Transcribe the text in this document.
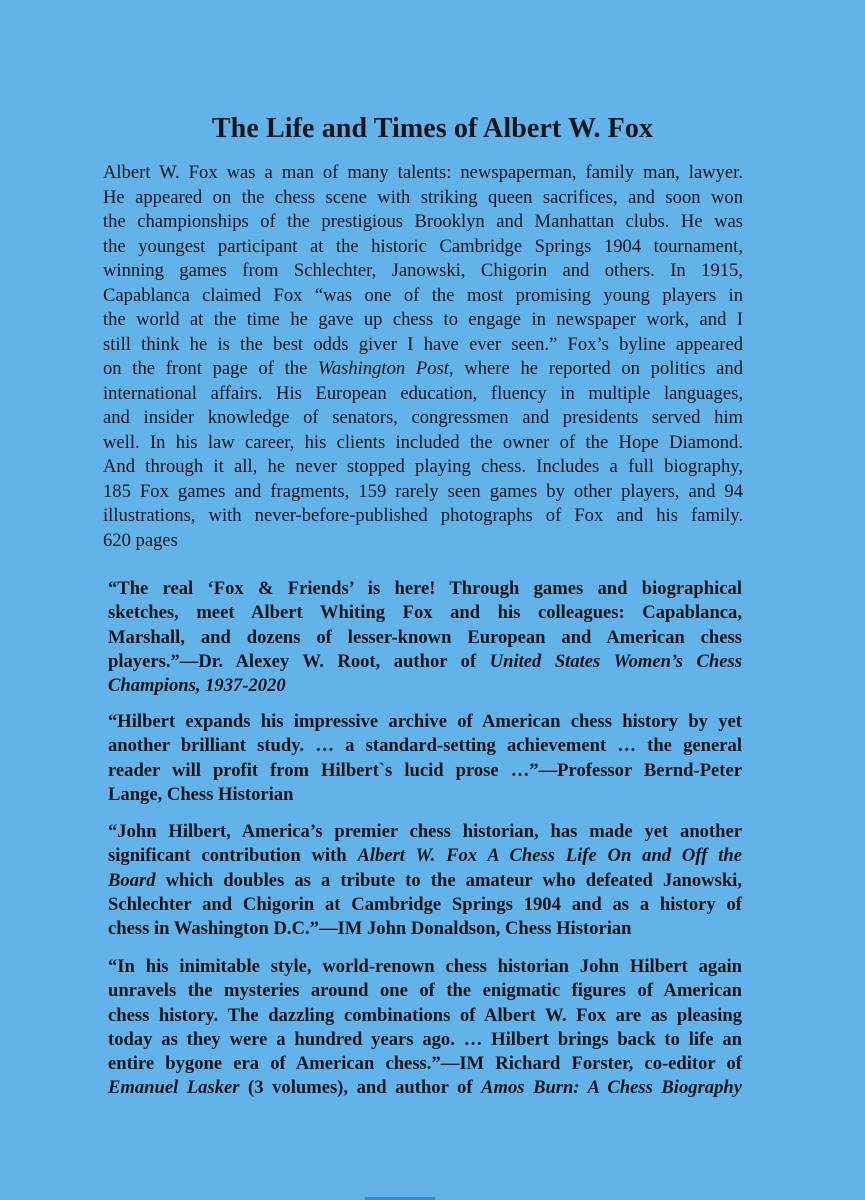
The Life and Times of Albert W. Fox
Albert W. Fox was a man of many talents: newspaperman, family man, lawyer.
He appeared on the chess scene with striking queen sacrifices, and soon won
the championships of the prestigious Brooklyn and Manhattan clubs. He was
the youngest participant at the historic Cambridge Springs 1904 tournament,
winning games from Schlechter, Janowski, Chigorin and others. In 1915,
Capablanca claimed Fox “was one of the most promising young players in
the world at the time he gave up chess to engage in newspaper work, and I
still think he is the best odds giver I have ever seen.” Fox’s byline appeared
on the front page of the Washington Post, where he reported on politics and
international affairs. His European education, fluency in multiple languages,
and insider knowledge of senators, congressmen and presidents served him
well. In his law career, his clients included the owner of the Hope Diamond.
And through it all, he never stopped playing chess. Includes a full biography,
185 Fox games and fragments, 159 rarely seen games by other players, and 94
illustrations, with never-before-published photographs of Fox and his family.
620 pages
“The real ‘Fox & Friends’ is here! Through games and biographical
sketches, meet Albert Whiting Fox and his colleagues: Capablanca,
Marshall, and dozens of lesser-known European and American chess
players.”—Dr. Alexey W. Root, author of United States Women’s Chess
Champions, 1937-2020
“Hilbert expands his impressive archive of American chess history by yet
another brilliant study. … a standard-setting achievement … the general
reader will profit from Hilbert`s lucid prose …”—Professor Bernd-Peter
Lange, Chess Historian
“John Hilbert, America’s premier chess historian, has made yet another
significant contribution with Albert W. Fox A Chess Life On and Off the
Board which doubles as a tribute to the amateur who defeated Janowski,
Schlechter and Chigorin at Cambridge Springs 1904 and as a history of
chess in Washington D.C.”—IM John Donaldson, Chess Historian
“In his inimitable style, world-renown chess historian John Hilbert again
unravels the mysteries around one of the enigmatic figures of American
chess history. The dazzling combinations of Albert W. Fox are as pleasing
today as they were a hundred years ago. … Hilbert brings back to life an
entire bygone era of American chess.”—IM Richard Forster, co-editor of
Emanuel Lasker (3 volumes), and author of Amos Burn: A Chess Biography
